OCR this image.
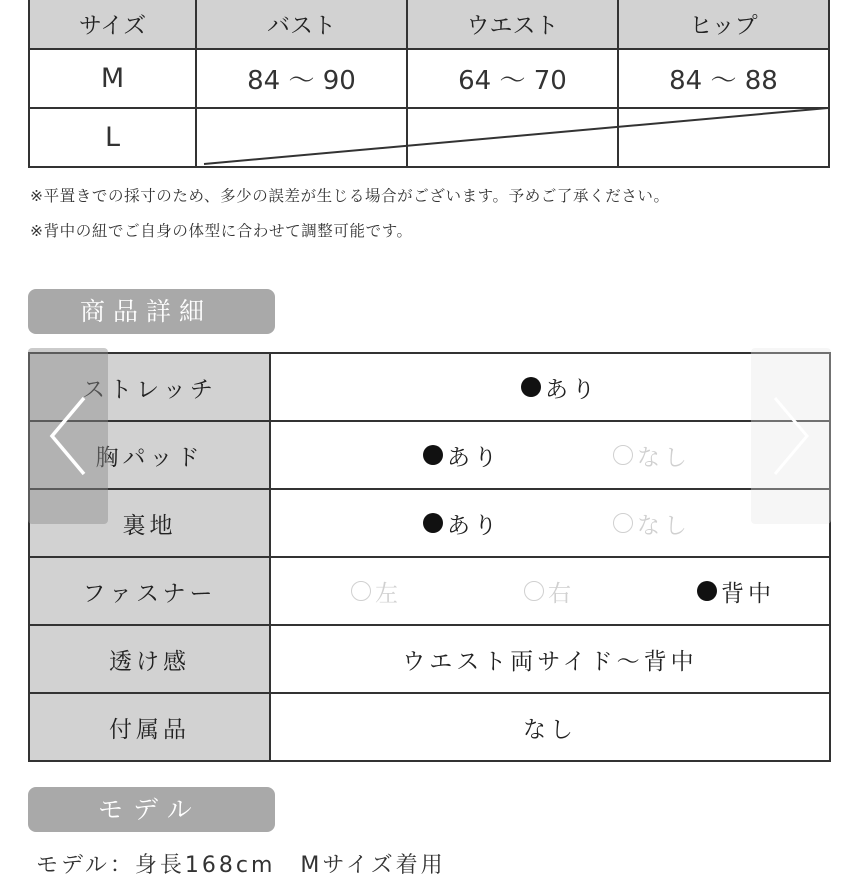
サイズ	バスト	ウエスト	ヒップ
M	84 ～ 90	64 ～ 70	84 ～ 88
L			
※平置きでの採寸のため、多少の誤差が生じる場合がございます。予めご了承ください。
※背中の紐でご自身の体型に合わせて調整可能です。
商品詳細
ストレッチ	あり

胸パッド	あり なし

裏地	あり なし

ファスナー	左 右 背中

透け感	ウエスト両サイド～背中
付属品	なし
モデル
モデル：身長168cm　Mサイズ着用
